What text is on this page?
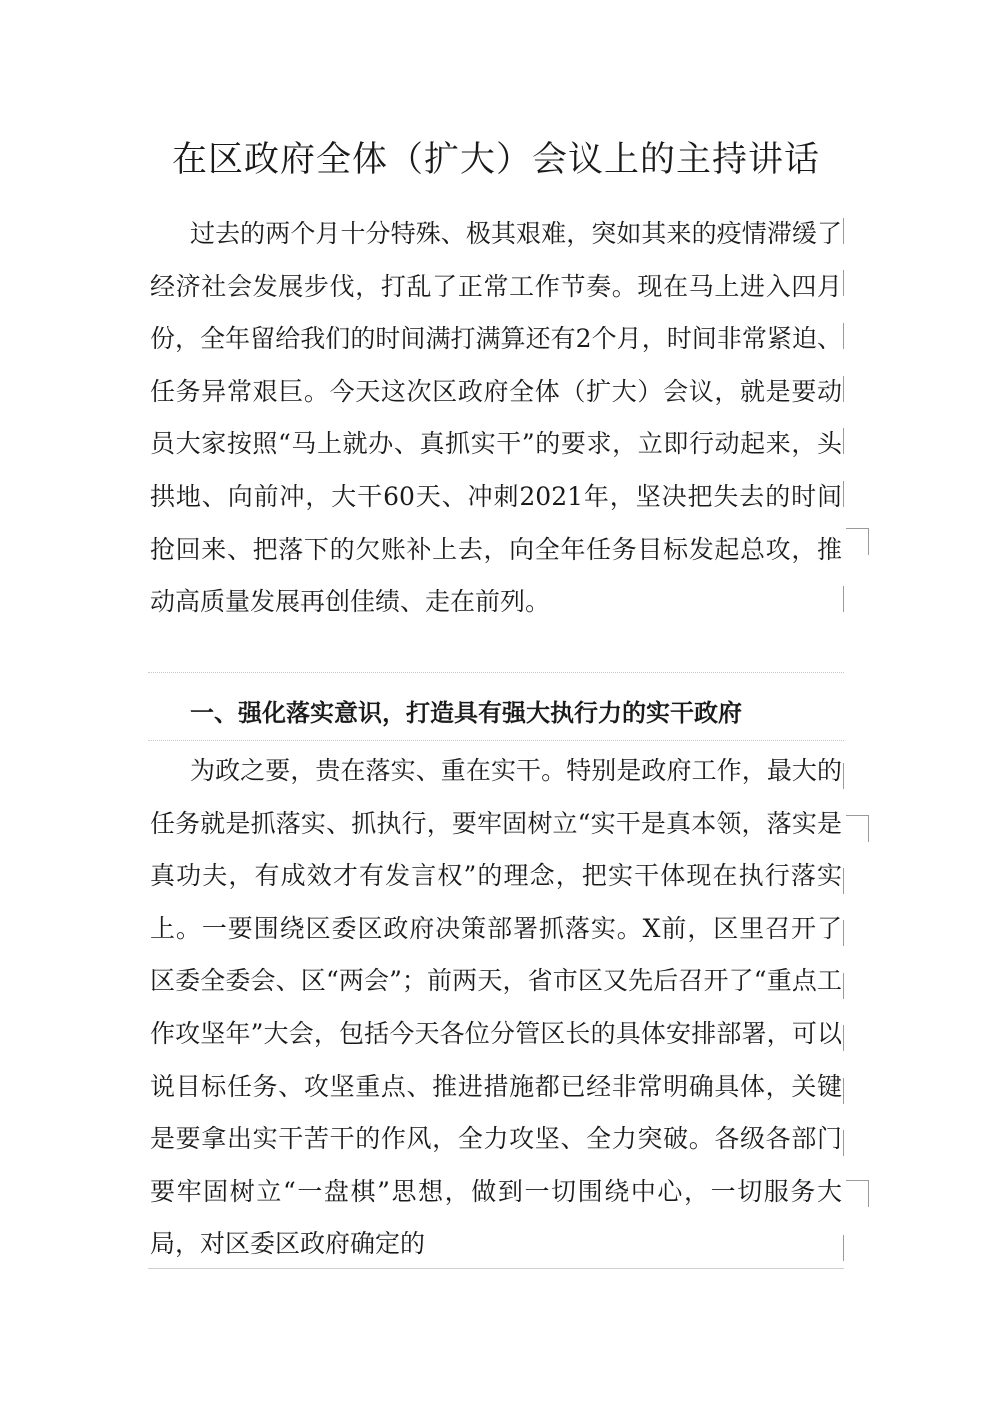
在区政府全体（扩大）会议上的主持讲话

过去的两个月十分特殊、极其艰难，突如其来的疫情滞缓了经济社会发展步伐，打乱了正常工作节奏。现在马上进入四月份，全年留给我们的时间满打满算还有2个月，时间非常紧迫、任务异常艰巨。今天这次区政府全体（扩大）会议，就是要动员大家按照“马上就办、真抓实干”的要求，立即行动起来，头拱地、向前冲，大干60天、冲刺2021年，坚决把失去的时间抢回来、把落下的欠账补上去，向全年任务目标发起总攻，推动高质量发展再创佳绩、走在前列。

一、强化落实意识，打造具有强大执行力的实干政府

为政之要，贵在落实、重在实干。特别是政府工作，最大的任务就是抓落实、抓执行，要牢固树立“实干是真本领，落实是真功夫，有成效才有发言权”的理念，把实干体现在执行落实上。一要围绕区委区政府决策部署抓落实。X前，区里召开了区委全委会、区“两会”；前两天，省市区又先后召开了“重点工作攻坚年”大会，包括今天各位分管区长的具体安排部署，可以说目标任务、攻坚重点、推进措施都已经非常明确具体，关键是要拿出实干苦干的作风，全力攻坚、全力突破。各级各部门要牢固树立“一盘棋”思想，做到一切围绕中心，一切服务大局，对区委区政府确定的
